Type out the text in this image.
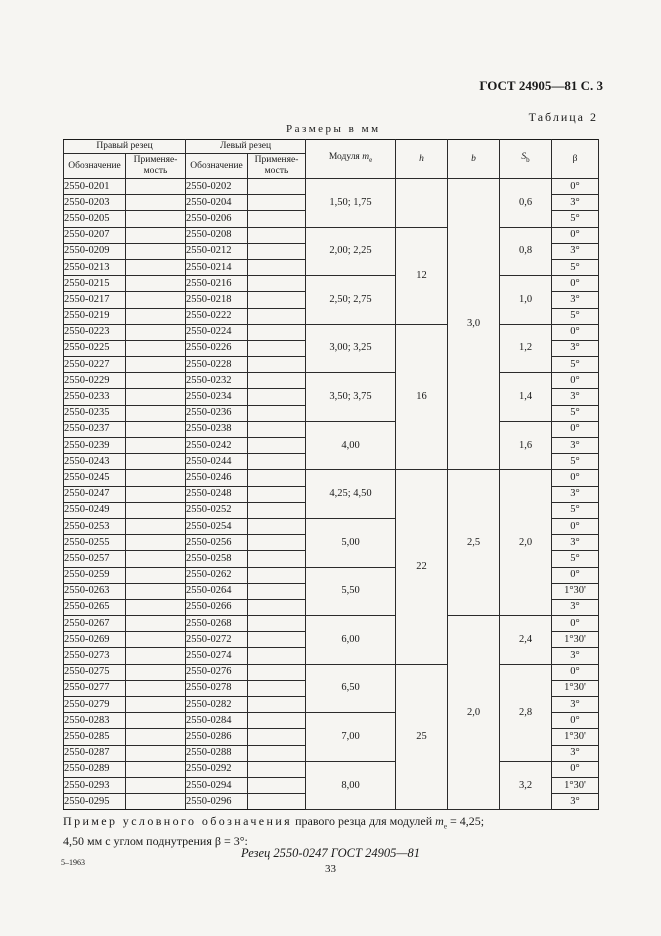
ГОСТ 24905—81 С. 3
Таблица 2
Размеры в мм
Правый резец		Левый резец		Модуля $m_e$	h	b	$S_b$	β
Обозначение	Применяе-мость	Обозначение	Применяе-мость					
2550-0201		2550-0202		1,50; 1,75		3,0	0,6	0°
2550-0203		2550-0204						3°
2550-0205		2550-0206						5°
2550-0207		2550-0208		2,00; 2,25	12		0,8	0°
2550-0209		2550-0212						3°
2550-0213		2550-0214						5°
2550-0215		2550-0216		2,50; 2,75			1,0	0°
2550-0217		2550-0218						3°
2550-0219		2550-0222						5°
2550-0223		2550-0224		3,00; 3,25	16		1,2	0°
2550-0225		2550-0226						3°
2550-0227		2550-0228						5°
2550-0229		2550-0232		3,50; 3,75			1,4	0°
2550-0233		2550-0234						3°
2550-0235		2550-0236						5°
2550-0237		2550-0238		4,00			1,6	0°
2550-0239		2550-0242						3°
2550-0243		2550-0244						5°
2550-0245		2550-0246		4,25; 4,50	22	2,5	2,0	0°
2550-0247		2550-0248						3°
2550-0249		2550-0252						5°
2550-0253		2550-0254		5,00				0°
2550-0255		2550-0256						3°
2550-0257		2550-0258						5°
2550-0259		2550-0262		5,50				0°
2550-0263		2550-0264						1°30'
2550-0265		2550-0266						3°
2550-0267		2550-0268		6,00		2,0	2,4	0°
2550-0269		2550-0272						1°30'
2550-0273		2550-0274						3°
2550-0275		2550-0276		6,50	25		2,8	0°
2550-0277		2550-0278						1°30'
2550-0279		2550-0282						3°
2550-0283		2550-0284		7,00				0°
2550-0285		2550-0286						1°30'
2550-0287		2550-0288						3°
2550-0289		2550-0292		8,00			3,2	0°
2550-0293		2550-0294						1°30'
2550-0295		2550-0296						3°
Пример условного обозначения правого резца для модулей $m_e = 4,25$;
4,50 мм с углом поднутрения β = 3°:
Резец 2550-0247 ГОСТ 24905—81
33
5–1963
